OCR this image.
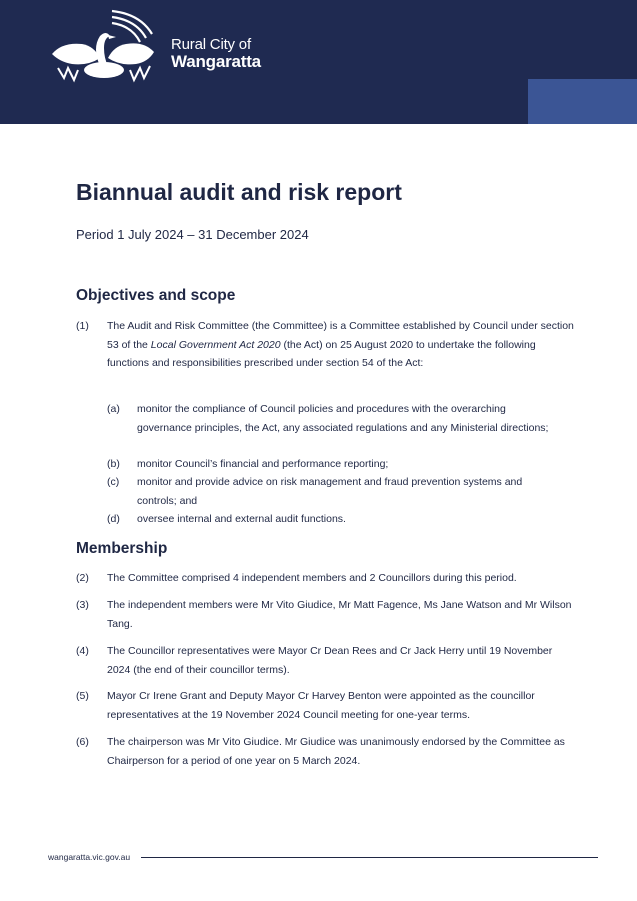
Rural City of
Wangaratta
Biannual audit and risk report
Period 1 July 2024 – 31 December 2024
Objectives and scope
(1) The Audit and Risk Committee (the Committee) is a Committee established by Council under section 53 of the Local Government Act 2020 (the Act) on 25 August 2020 to undertake the following functions and responsibilities prescribed under section 54 of the Act:
(a) monitor the compliance of Council policies and procedures with the overarching governance principles, the Act, any associated regulations and any Ministerial directions;
(b) monitor Council’s financial and performance reporting;
(c) monitor and provide advice on risk management and fraud prevention systems and controls; and
(d) oversee internal and external audit functions.
Membership
(2) The Committee comprised 4 independent members and 2 Councillors during this period.
(3) The independent members were Mr Vito Giudice, Mr Matt Fagence, Ms Jane Watson and Mr Wilson Tang.
(4) The Councillor representatives were Mayor Cr Dean Rees and Cr Jack Herry until 19 November 2024 (the end of their councillor terms).
(5) Mayor Cr Irene Grant and Deputy Mayor Cr Harvey Benton were appointed as the councillor representatives at the 19 November 2024 Council meeting for one-year terms.
(6) The chairperson was Mr Vito Giudice. Mr Giudice was unanimously endorsed by the Committee as Chairperson for a period of one year on 5 March 2024.
wangaratta.vic.gov.au
